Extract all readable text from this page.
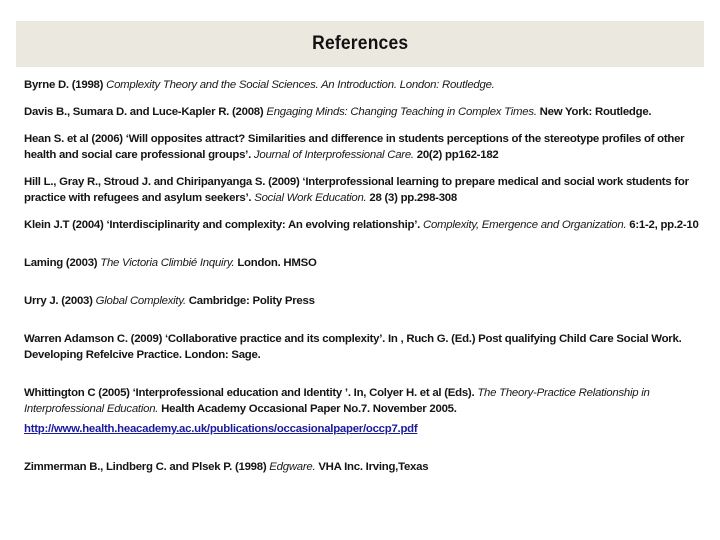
References

Byrne D. (1998) Complexity Theory and the Social Sciences. An Introduction. London: Routledge.

Davis B., Sumara D. and Luce-Kapler R. (2008) Engaging Minds: Changing Teaching in Complex Times. New York: Routledge.

Hean S. et al (2006) ‘Will opposites attract? Similarities and difference in students perceptions of the stereotype profiles of other health and social care professional groups’. Journal of Interprofessional Care. 20(2) pp162-182

Hill L., Gray R., Stroud J. and Chiripanyanga S. (2009) ‘Interprofessional learning to prepare medical and social work students for practice with refugees and asylum seekers’. Social Work Education. 28 (3) pp.298-308

Klein J.T (2004) ‘Interdisciplinarity and complexity: An evolving relationship’. Complexity, Emergence and Organization. 6:1-2, pp.2-10

Laming (2003) The Victoria Climbié Inquiry. London. HMSO

Urry J. (2003) Global Complexity. Cambridge: Polity Press

Warren Adamson C. (2009) ‘Collaborative practice and its complexity’. In , Ruch G. (Ed.) Post qualifying Child Care Social Work. Developing Refelcive Practice. London: Sage.

Whittington C (2005) ‘Interprofessional education and Identity ’. In, Colyer H. et al (Eds). The Theory-Practice Relationship in Interprofessional Education. Health Academy Occasional Paper No.7. November 2005.

http://www.health.heacademy.ac.uk/publications/occasionalpaper/occp7.pdf

Zimmerman B., Lindberg C. and Plsek P. (1998) Edgware. VHA Inc. Irving,Texas
